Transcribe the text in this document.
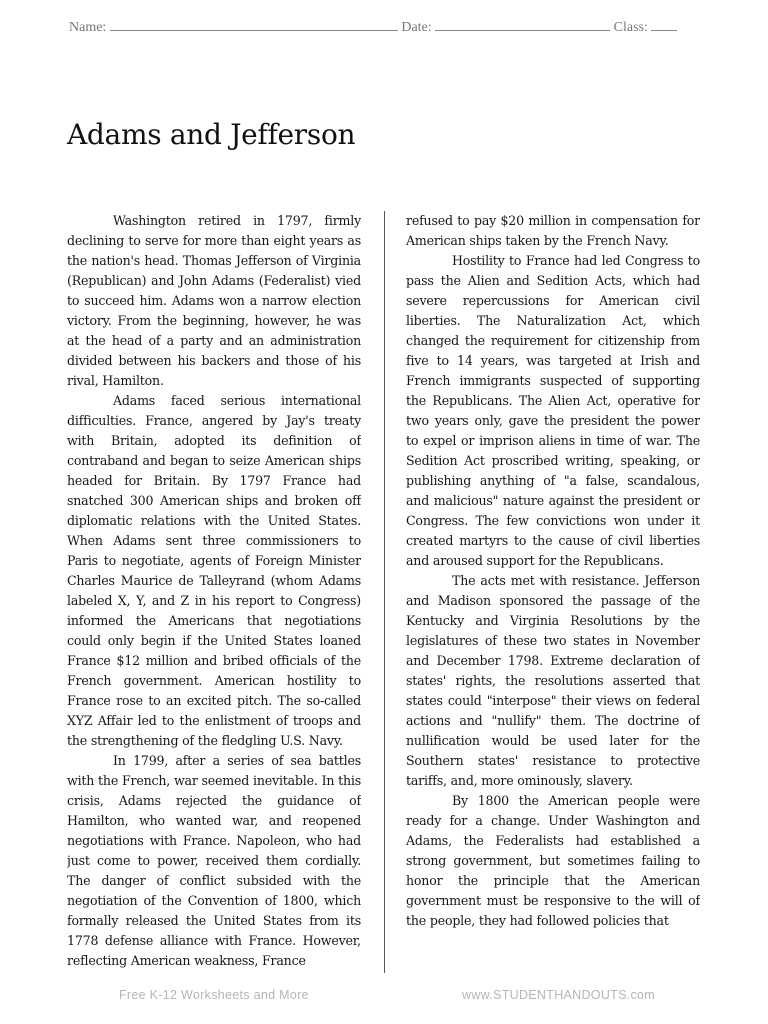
Name:	Date:	Class:
Adams and Jefferson

Washington retired in 1797, firmly declining to serve for more than eight years as the nation's head. Thomas Jefferson of Virginia (Republican) and John Adams (Federalist) vied to succeed him. Adams won a narrow election victory. From the beginning, however, he was at the head of a party and an administration divided between his backers and those of his rival, Hamilton.

Adams faced serious international difficulties. France, angered by Jay's treaty with Britain, adopted its definition of contraband and began to seize American ships headed for Britain. By 1797 France had snatched 300 American ships and broken off diplomatic relations with the United States. When Adams sent three commissioners to Paris to negotiate, agents of Foreign Minister Charles Maurice de Talleyrand (whom Adams labeled X, Y, and Z in his report to Congress) informed the Americans that negotiations could only begin if the United States loaned France $12 million and bribed officials of the French government. American hostility to France rose to an excited pitch. The so-called XYZ Affair led to the enlistment of troops and the strengthening of the fledgling U.S. Navy.

In 1799, after a series of sea battles with the French, war seemed inevitable. In this crisis, Adams rejected the guidance of Hamilton, who wanted war, and reopened negotiations with France. Napoleon, who had just come to power, received them cordially. The danger of conflict subsided with the negotiation of the Convention of 1800, which formally released the United States from its 1778 defense alliance with France. However, reflecting American weakness, France

refused to pay $20 million in compensation for American ships taken by the French Navy.

Hostility to France had led Congress to pass the Alien and Sedition Acts, which had severe repercussions for American civil liberties. The Naturalization Act, which changed the requirement for citizenship from five to 14 years, was targeted at Irish and French immigrants suspected of supporting the Republicans. The Alien Act, operative for two years only, gave the president the power to expel or imprison aliens in time of war. The Sedition Act proscribed writing, speaking, or publishing anything of "a false, scandalous, and malicious" nature against the president or Congress. The few convictions won under it created martyrs to the cause of civil liberties and aroused support for the Republicans.

The acts met with resistance. Jefferson and Madison sponsored the passage of the Kentucky and Virginia Resolutions by the legislatures of these two states in November and December 1798. Extreme declaration of states' rights, the resolutions asserted that states could "interpose" their views on federal actions and "nullify" them. The doctrine of nullification would be used later for the Southern states' resistance to protective tariffs, and, more ominously, slavery.

By 1800 the American people were ready for a change. Under Washington and Adams, the Federalists had established a strong government, but sometimes failing to honor the principle that the American government must be responsive to the will of the people, they had followed policies that

Free K-12 Worksheets and More	www.STUDENTHANDOUTS.com
